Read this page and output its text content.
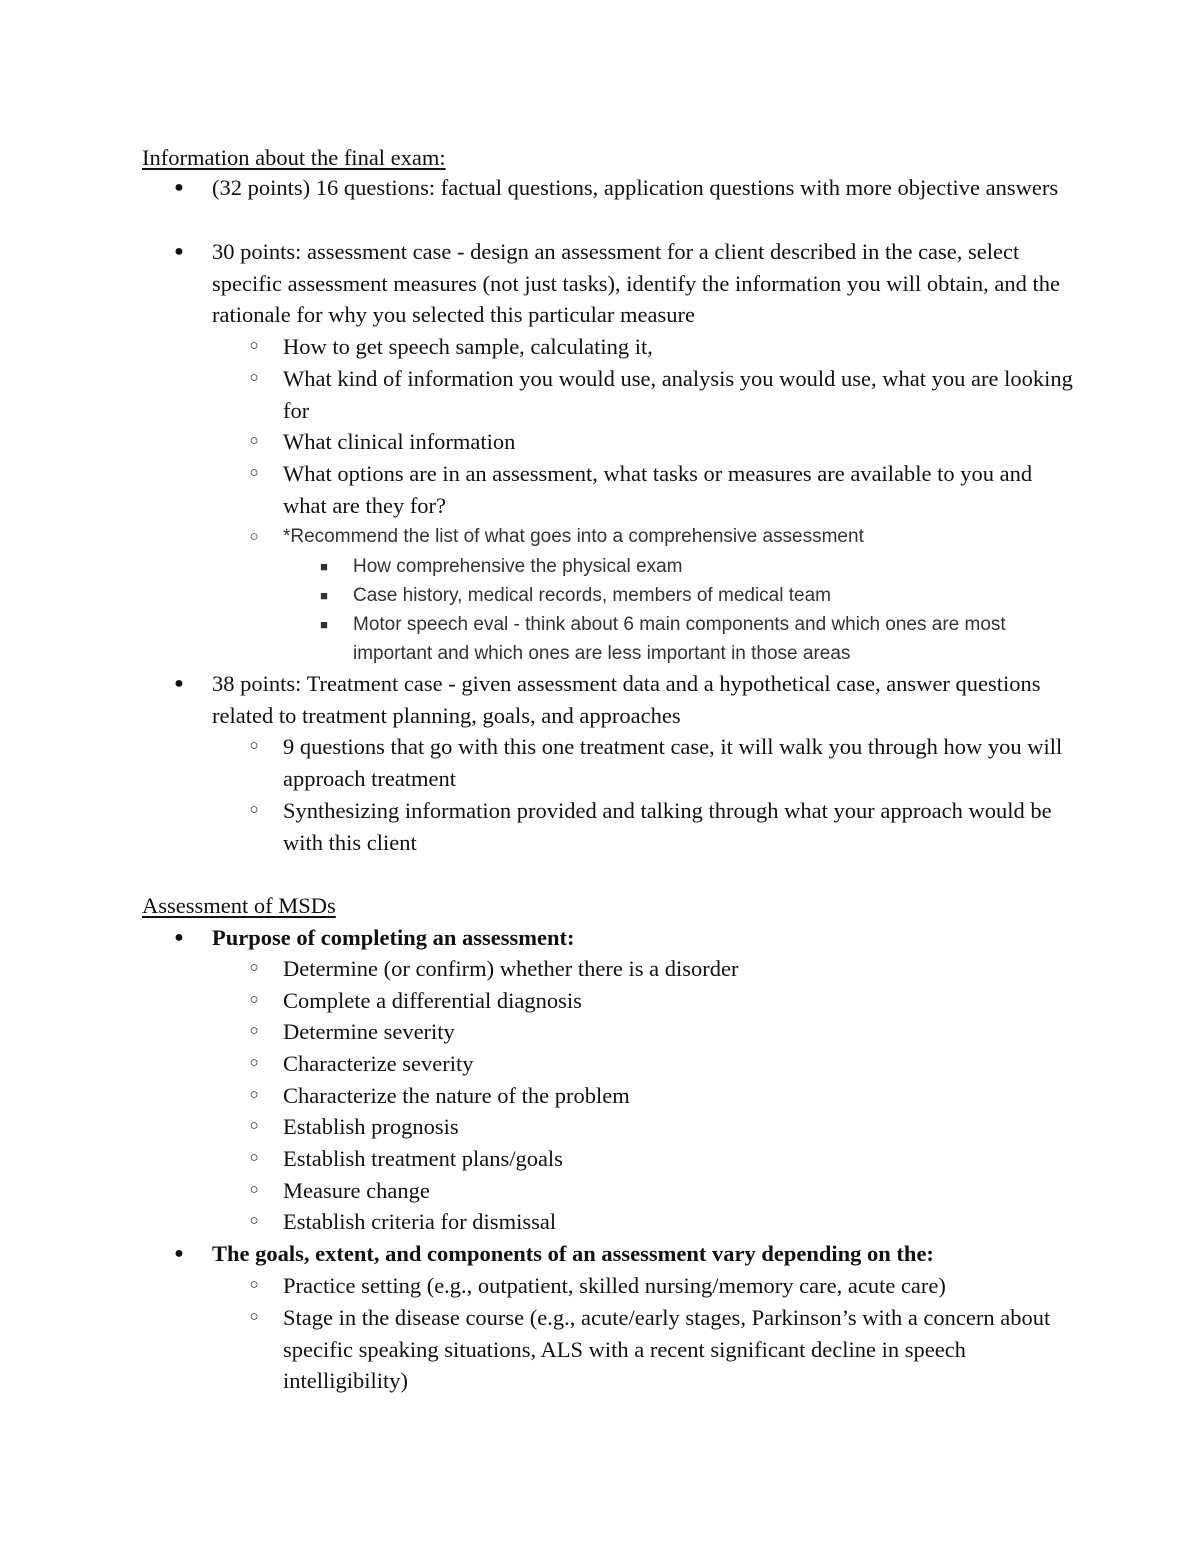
Information about the final exam:
● (32 points) 16 questions: factual questions, application questions with more objective answers
● 30 points: assessment case - design an assessment for a client described in the case, select specific assessment measures (not just tasks), identify the information you will obtain, and the rationale for why you selected this particular measure
○ How to get speech sample, calculating it,
○ What kind of information you would use, analysis you would use, what you are looking for
○ What clinical information
○ What options are in an assessment, what tasks or measures are available to you and what are they for?
○ *Recommend the list of what goes into a comprehensive assessment
■	How comprehensive the physical exam
■	Case history, medical records, members of medical team
■	Motor speech eval - think about 6 main components and which ones are most important and which ones are less important in those areas
● 38 points: Treatment case - given assessment data and a hypothetical case, answer questions related to treatment planning, goals, and approaches
○ 9 questions that go with this one treatment case, it will walk you through how you will approach treatment
○ Synthesizing information provided and talking through what your approach would be with this client
Assessment of MSDs
● Purpose of completing an assessment:
○ Determine (or confirm) whether there is a disorder
○ Complete a differential diagnosis
○ Determine severity
○ Characterize severity
○ Characterize the nature of the problem
○ Establish prognosis
○ Establish treatment plans/goals
○ Measure change
○ Establish criteria for dismissal
● The goals, extent, and components of an assessment vary depending on the:
○ Practice setting (e.g., outpatient, skilled nursing/memory care, acute care)
○ Stage in the disease course (e.g., acute/early stages, Parkinson’s with a concern about specific speaking situations, ALS with a recent significant decline in speech intelligibility)
